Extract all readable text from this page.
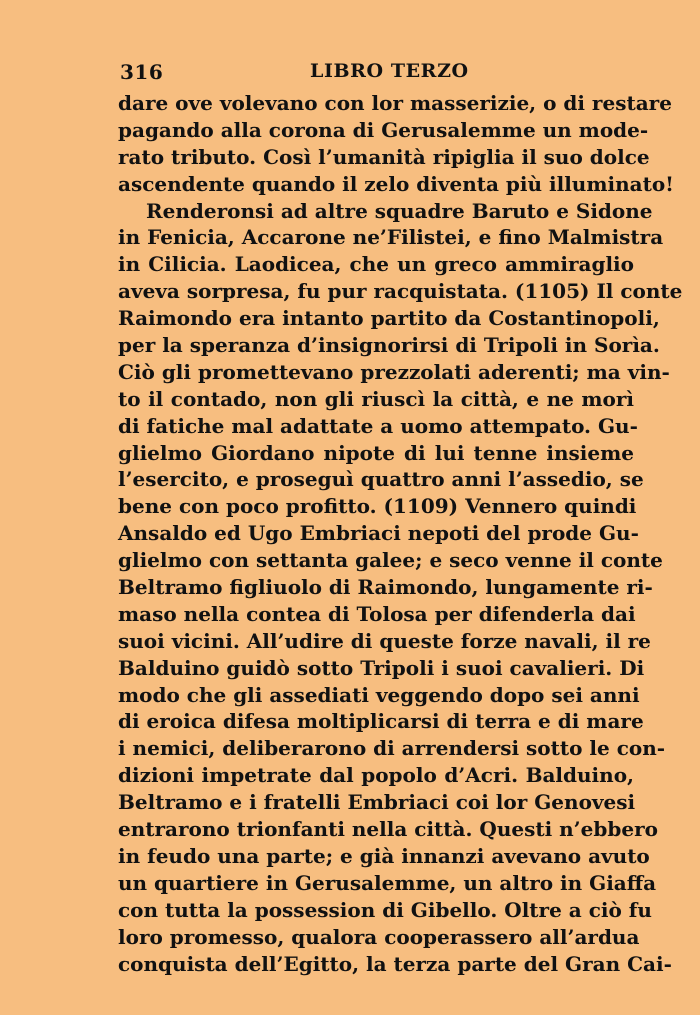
316	LIBRO TERZO
dare ove volevano con lor masserizie, o di restare
pagando alla corona di Gerusalemme un mode-
rato tributo. Così l’umanità ripiglia il suo dolce
ascendente quando il zelo diventa più illuminato!
Renderonsi ad altre squadre Baruto e Sidone
in Fenicia, Accarone ne’Filistei, e fino Malmistra
in Cilicia. Laodicea, che un greco ammiraglio
aveva sorpresa, fu pur racquistata. (1105) Il conte
Raimondo era intanto partito da Costantinopoli,
per la speranza d’insignorirsi di Tripoli in Sorìa.
Ciò gli promettevano prezzolati aderenti; ma vin-
to il contado, non gli riuscì la città, e ne morì
di fatiche mal adattate a uomo attempato. Gu-
glielmo Giordano nipote di lui tenne insieme
l’esercito, e proseguì quattro anni l’assedio, se
bene con poco profitto. (1109) Vennero quindi
Ansaldo ed Ugo Embriaci nepoti del prode Gu-
glielmo con settanta galee; e seco venne il conte
Beltramo figliuolo di Raimondo, lungamente ri-
maso nella contea di Tolosa per difenderla dai
suoi vicini. All’udire di queste forze navali, il re
Balduino guidò sotto Tripoli i suoi cavalieri. Di
modo che gli assediati veggendo dopo sei anni
di eroica difesa moltiplicarsi di terra e di mare
i nemici, deliberarono di arrendersi sotto le con-
dizioni impetrate dal popolo d’Acri. Balduino,
Beltramo e i fratelli Embriaci coi lor Genovesi
entrarono trionfanti nella città. Questi n’ebbero
in feudo una parte; e già innanzi avevano avuto
un quartiere in Gerusalemme, un altro in Giaffa
con tutta la possession di Gibello. Oltre a ciò fu
loro promesso, qualora cooperassero all’ardua
conquista dell’Egitto, la terza parte del Gran Cai-
